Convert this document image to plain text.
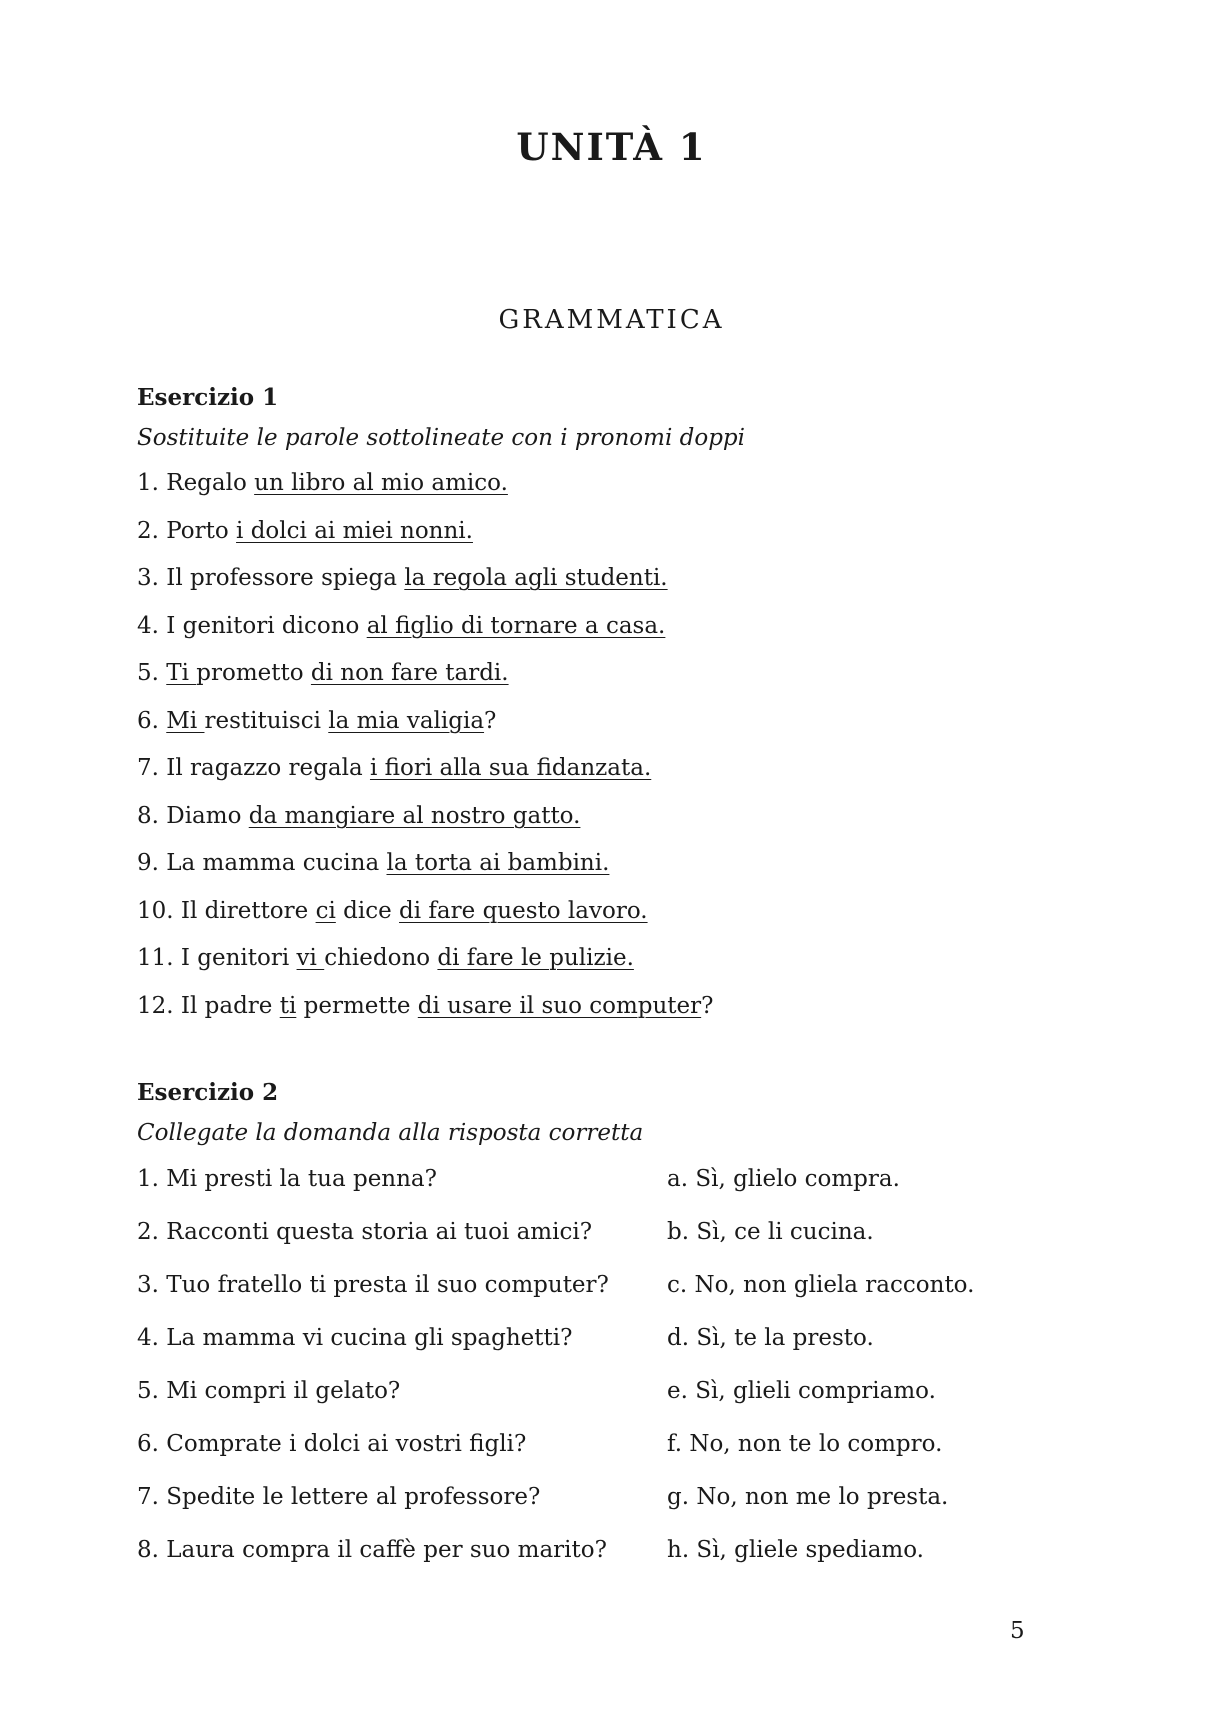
UNITÀ 1
GRAMMATICA

Esercizio 1

Sostituite le parole sottolineate con i pronomi doppi

1. Regalo un libro al mio amico.
2. Porto i dolci ai miei nonni.
3. Il professore spiega la regola agli studenti.
4. I genitori dicono al figlio di tornare a casa.
5. Ti prometto di non fare tardi.
6. Mi restituisci la mia valigia?
7. Il ragazzo regala i fiori alla sua fidanzata.
8. Diamo da mangiare al nostro gatto.
9. La mamma cucina la torta ai bambini.
10. Il direttore ci dice di fare questo lavoro.
11. I genitori vi chiedono di fare le pulizie.
12. Il padre ti permette di usare il suo computer?

Esercizio 2

Collegate la domanda alla risposta corretta

1. Mi presti la tua penna?	a. Sì, glielo compra.
2. Racconti questa storia ai tuoi amici?	b. Sì, ce li cucina.
3. Tuo fratello ti presta il suo computer?	c. No, non gliela racconto.
4. La mamma vi cucina gli spaghetti?	d. Sì, te la presto.
5. Mi compri il gelato?	e. Sì, glieli compriamo.
6. Comprate i dolci ai vostri figli?	f. No, non te lo compro.
7. Spedite le lettere al professore?	g. No, non me lo presta.
8. Laura compra il caffè per suo marito?	h. Sì, gliele spediamo.

5
